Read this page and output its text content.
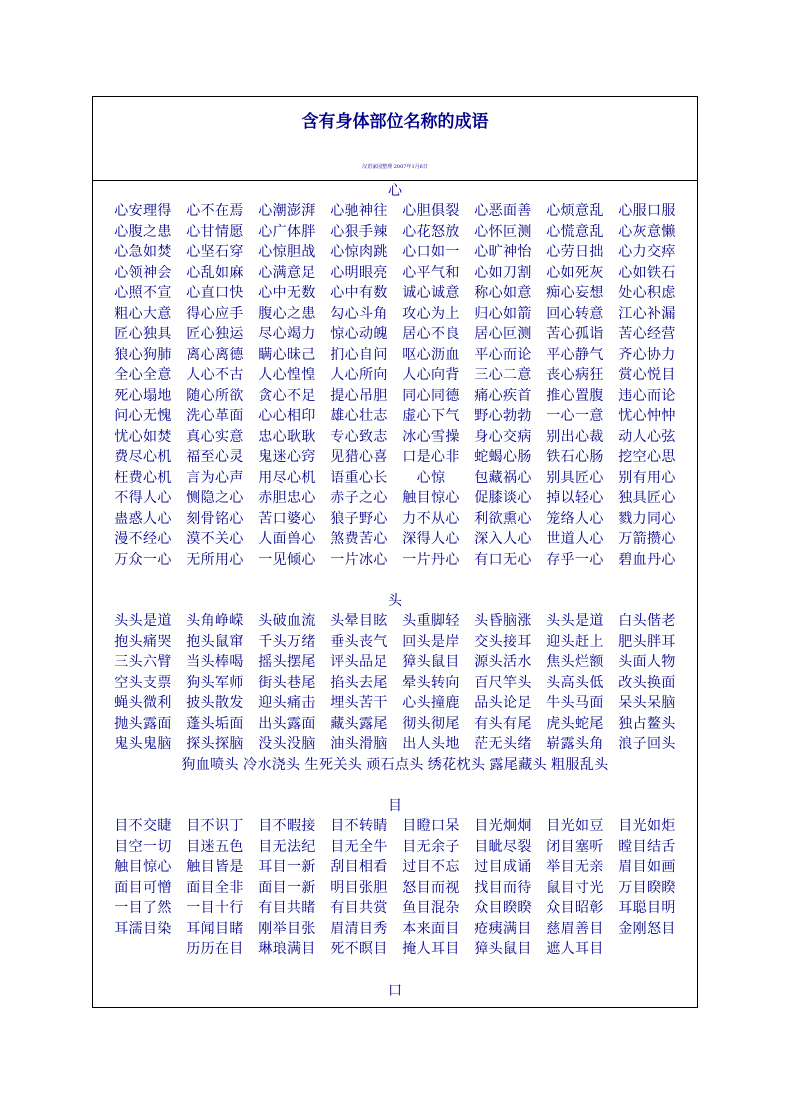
含有身体部位名称的成语
汉语家园整理 2007年1月6日
心
心安理得	心不在焉	心潮澎湃	心驰神往	心胆俱裂	心恶面善	心烦意乱	心服口服
心腹之患	心甘情愿	心广体胖	心狠手辣	心花怒放	心怀叵测	心慌意乱	心灰意懒
心急如焚	心坚石穿	心惊胆战	心惊肉跳	心口如一	心旷神怡	心劳日拙	心力交瘁
心领神会	心乱如麻	心满意足	心明眼亮	心平气和	心如刀割	心如死灰	心如铁石
心照不宣	心直口快	心中无数	心中有数	诚心诚意	称心如意	痴心妄想	处心积虑
粗心大意	得心应手	腹心之患	勾心斗角	攻心为上	归心如箭	回心转意	江心补漏
匠心独具	匠心独运	尽心竭力	惊心动魄	居心不良	居心叵测	苦心孤诣	苦心经营
狼心狗肺	离心离德	瞒心昧己	扪心自问	呕心沥血	平心而论	平心静气	齐心协力
全心全意	人心不古	人心惶惶	人心所向	人心向背	三心二意	丧心病狂	赏心悦目
死心塌地	随心所欲	贪心不足	提心吊胆	同心同德	痛心疾首	推心置腹	违心而论
问心无愧	洗心革面	心心相印	雄心壮志	虚心下气	野心勃勃	一心一意	忧心忡忡
忧心如焚	真心实意	忠心耿耿	专心致志	冰心雪操	身心交病	别出心裁	动人心弦
费尽心机	福至心灵	鬼迷心窍	见猎心喜	口是心非	蛇蝎心肠	铁石心肠	挖空心思
枉费心机	言为心声	用尽心机	语重心长	心惊	包藏祸心	别具匠心	别有用心
不得人心	恻隐之心	赤胆忠心	赤子之心	触目惊心	促膝谈心	掉以轻心	独具匠心
蛊惑人心	刻骨铭心	苦口婆心	狼子野心	力不从心	利欲熏心	笼络人心	戮力同心
漫不经心	漠不关心	人面兽心	煞费苦心	深得人心	深入人心	世道人心	万箭攒心
万众一心	无所用心	一见倾心	一片冰心	一片丹心	有口无心	存乎一心	碧血丹心
头
头头是道	头角峥嵘	头破血流	头晕目眩	头重脚轻	头昏脑涨	头头是道	白头偕老
抱头痛哭	抱头鼠窜	千头万绪	垂头丧气	回头是岸	交头接耳	迎头赶上	肥头胖耳
三头六臂	当头棒喝	摇头摆尾	评头品足	獐头鼠目	源头活水	焦头烂额	头面人物
空头支票	狗头军师	街头巷尾	掐头去尾	晕头转向	百尺竿头	头高头低	改头换面
蝇头微利	披头散发	迎头痛击	埋头苦干	心头撞鹿	品头论足	牛头马面	呆头呆脑
抛头露面	蓬头垢面	出头露面	藏头露尾	彻头彻尾	有头有尾	虎头蛇尾	独占鳌头
鬼头鬼脑	探头探脑	没头没脑	油头滑脑	出人头地	茫无头绪	崭露头角	浪子回头
狗血喷头 冷水浇头 生死关头 顽石点头 绣花枕头 露尾藏头 粗服乱头
目
目不交睫	目不识丁	目不暇接	目不转睛	目瞪口呆	目光炯炯	目光如豆	目光如炬
目空一切	目迷五色	目无法纪	目无全牛	目无余子	目眦尽裂	闭目塞听	瞠目结舌
触目惊心	触目皆是	耳目一新	刮目相看	过目不忘	过目成诵	举目无亲	眉目如画
面目可憎	面目全非	面目一新	明目张胆	怒目而视	找目而待	鼠目寸光	万目睽睽
一目了然	一目十行	有目共睹	有目共赏	鱼目混杂	众目睽睽	众目昭彰	耳聪目明
耳濡目染	耳闻目睹	刚举目张	眉清目秀	本来面目	疮痍满目	慈眉善目	金刚怒目
历历在目	琳琅满目	死不瞑目	掩人耳目	獐头鼠目	遮人耳目
口
